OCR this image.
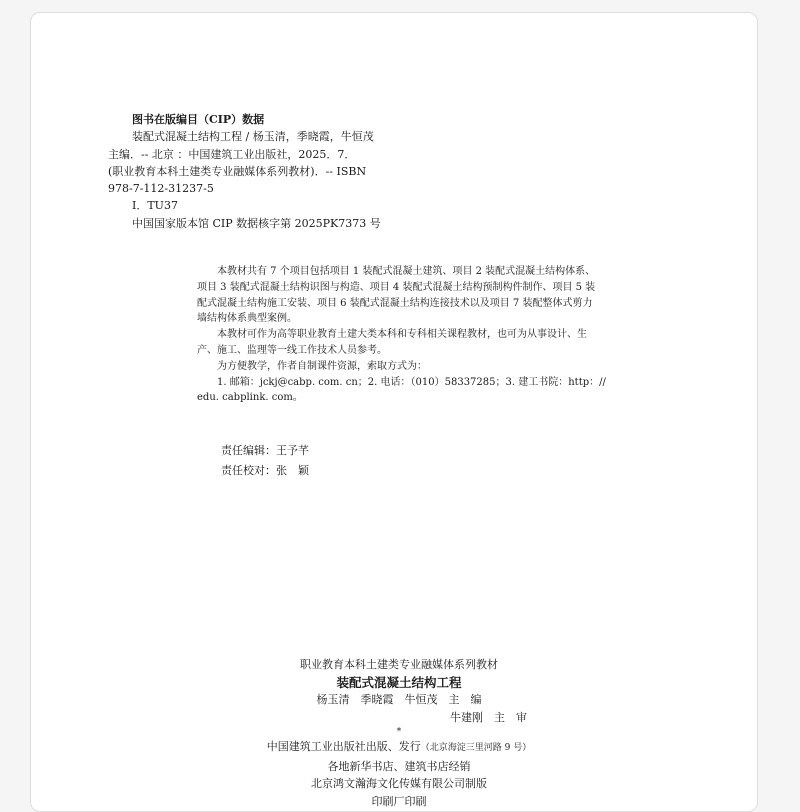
图书在版编目（CIP）数据
装配式混凝土结构工程 / 杨玉清，季晓霞，牛恒茂
主编．-- 北京 ：中国建筑工业出版社，2025．7．
(职业教育本科土建类专业融媒体系列教材)．-- ISBN
978-7-112-31237-5
Ⅰ．TU37
中国国家版本馆 CIP 数据核字第 2025PK7373 号

本教材共有 7 个项目包括项目 1 装配式混凝土建筑、项目 2 装配式混凝土结构体系、项目 3 装配式混凝土结构识图与构造、项目 4 装配式混凝土结构预制构件制作、项目 5 装配式混凝土结构施工安装、项目 6 装配式混凝土结构连接技术以及项目 7 装配整体式剪力墙结构体系典型案例。

本教材可作为高等职业教育土建大类本科和专科相关课程教材，也可为从事设计、生产、施工、监理等一线工作技术人员参考。

为方便教学，作者自制课件资源，索取方式为：

1. 邮箱：jckj@cabp. com. cn；2. 电话：（010）58337285；3. 建工书院：http：//

edu. cabplink. com。

责任编辑：王予芊
责任校对：张　颖
职业教育本科土建类专业融媒体系列教材
装配式混凝土结构工程
杨玉清　季晓霞　牛恒茂　主　编
牛建刚　主　审
*
中国建筑工业出版社出版、发行（北京海淀三里河路 9 号）
各地新华书店、建筑书店经销
北京鸿文瀚海文化传媒有限公司制版
印刷厂印刷
